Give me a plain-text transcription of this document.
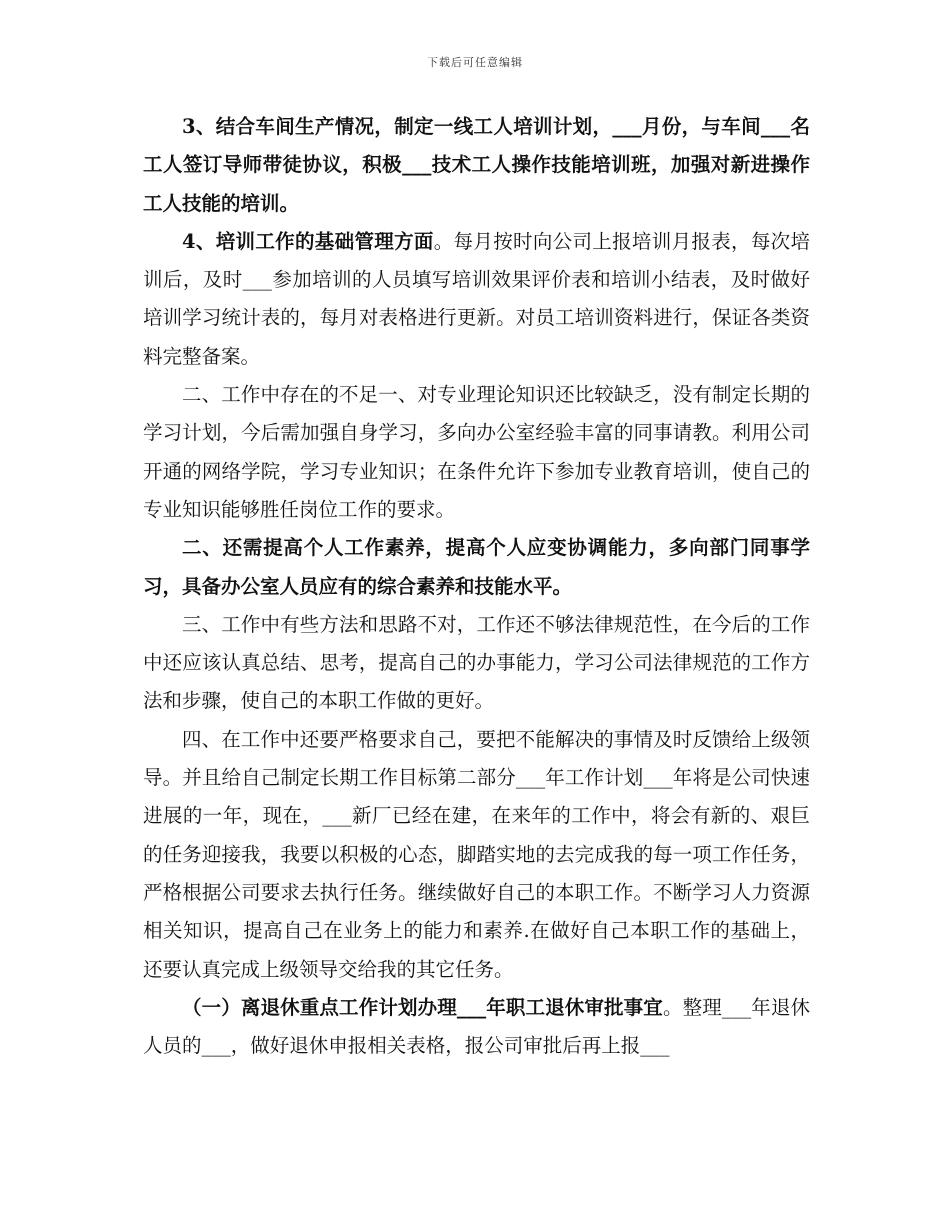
下载后可任意编辑

3、结合车间生产情况，制定一线工人培训计划，___月份，与车间___名工人签订导师带徒协议，积极___技术工人操作技能培训班，加强对新进操作工人技能的培训。

4、培训工作的基础管理方面。每月按时向公司上报培训月报表，每次培训后，及时___参加培训的人员填写培训效果评价表和培训小结表，及时做好培训学习统计表的，每月对表格进行更新。对员工培训资料进行，保证各类资料完整备案。

二、工作中存在的不足一、对专业理论知识还比较缺乏，没有制定长期的学习计划，今后需加强自身学习，多向办公室经验丰富的同事请教。利用公司开通的网络学院，学习专业知识；在条件允许下参加专业教育培训，使自己的专业知识能够胜任岗位工作的要求。

二、还需提高个人工作素养，提高个人应变协调能力，多向部门同事学习，具备办公室人员应有的综合素养和技能水平。

三、工作中有些方法和思路不对，工作还不够法律规范性，在今后的工作中还应该认真总结、思考，提高自己的办事能力，学习公司法律规范的工作方法和步骤，使自己的本职工作做的更好。

四、在工作中还要严格要求自己，要把不能解决的事情及时反馈给上级领导。并且给自己制定长期工作目标第二部分___年工作计划___年将是公司快速进展的一年，现在，___新厂已经在建，在来年的工作中，将会有新的、艰巨的任务迎接我，我要以积极的心态，脚踏实地的去完成我的每一项工作任务，严格根据公司要求去执行任务。继续做好自己的本职工作。不断学习人力资源相关知识，提高自己在业务上的能力和素养.在做好自己本职工作的基础上，还要认真完成上级领导交给我的其它任务。

（一）离退休重点工作计划办理___年职工退休审批事宜。整理___年退休人员的___，做好退休申报相关表格，报公司审批后再上报___
